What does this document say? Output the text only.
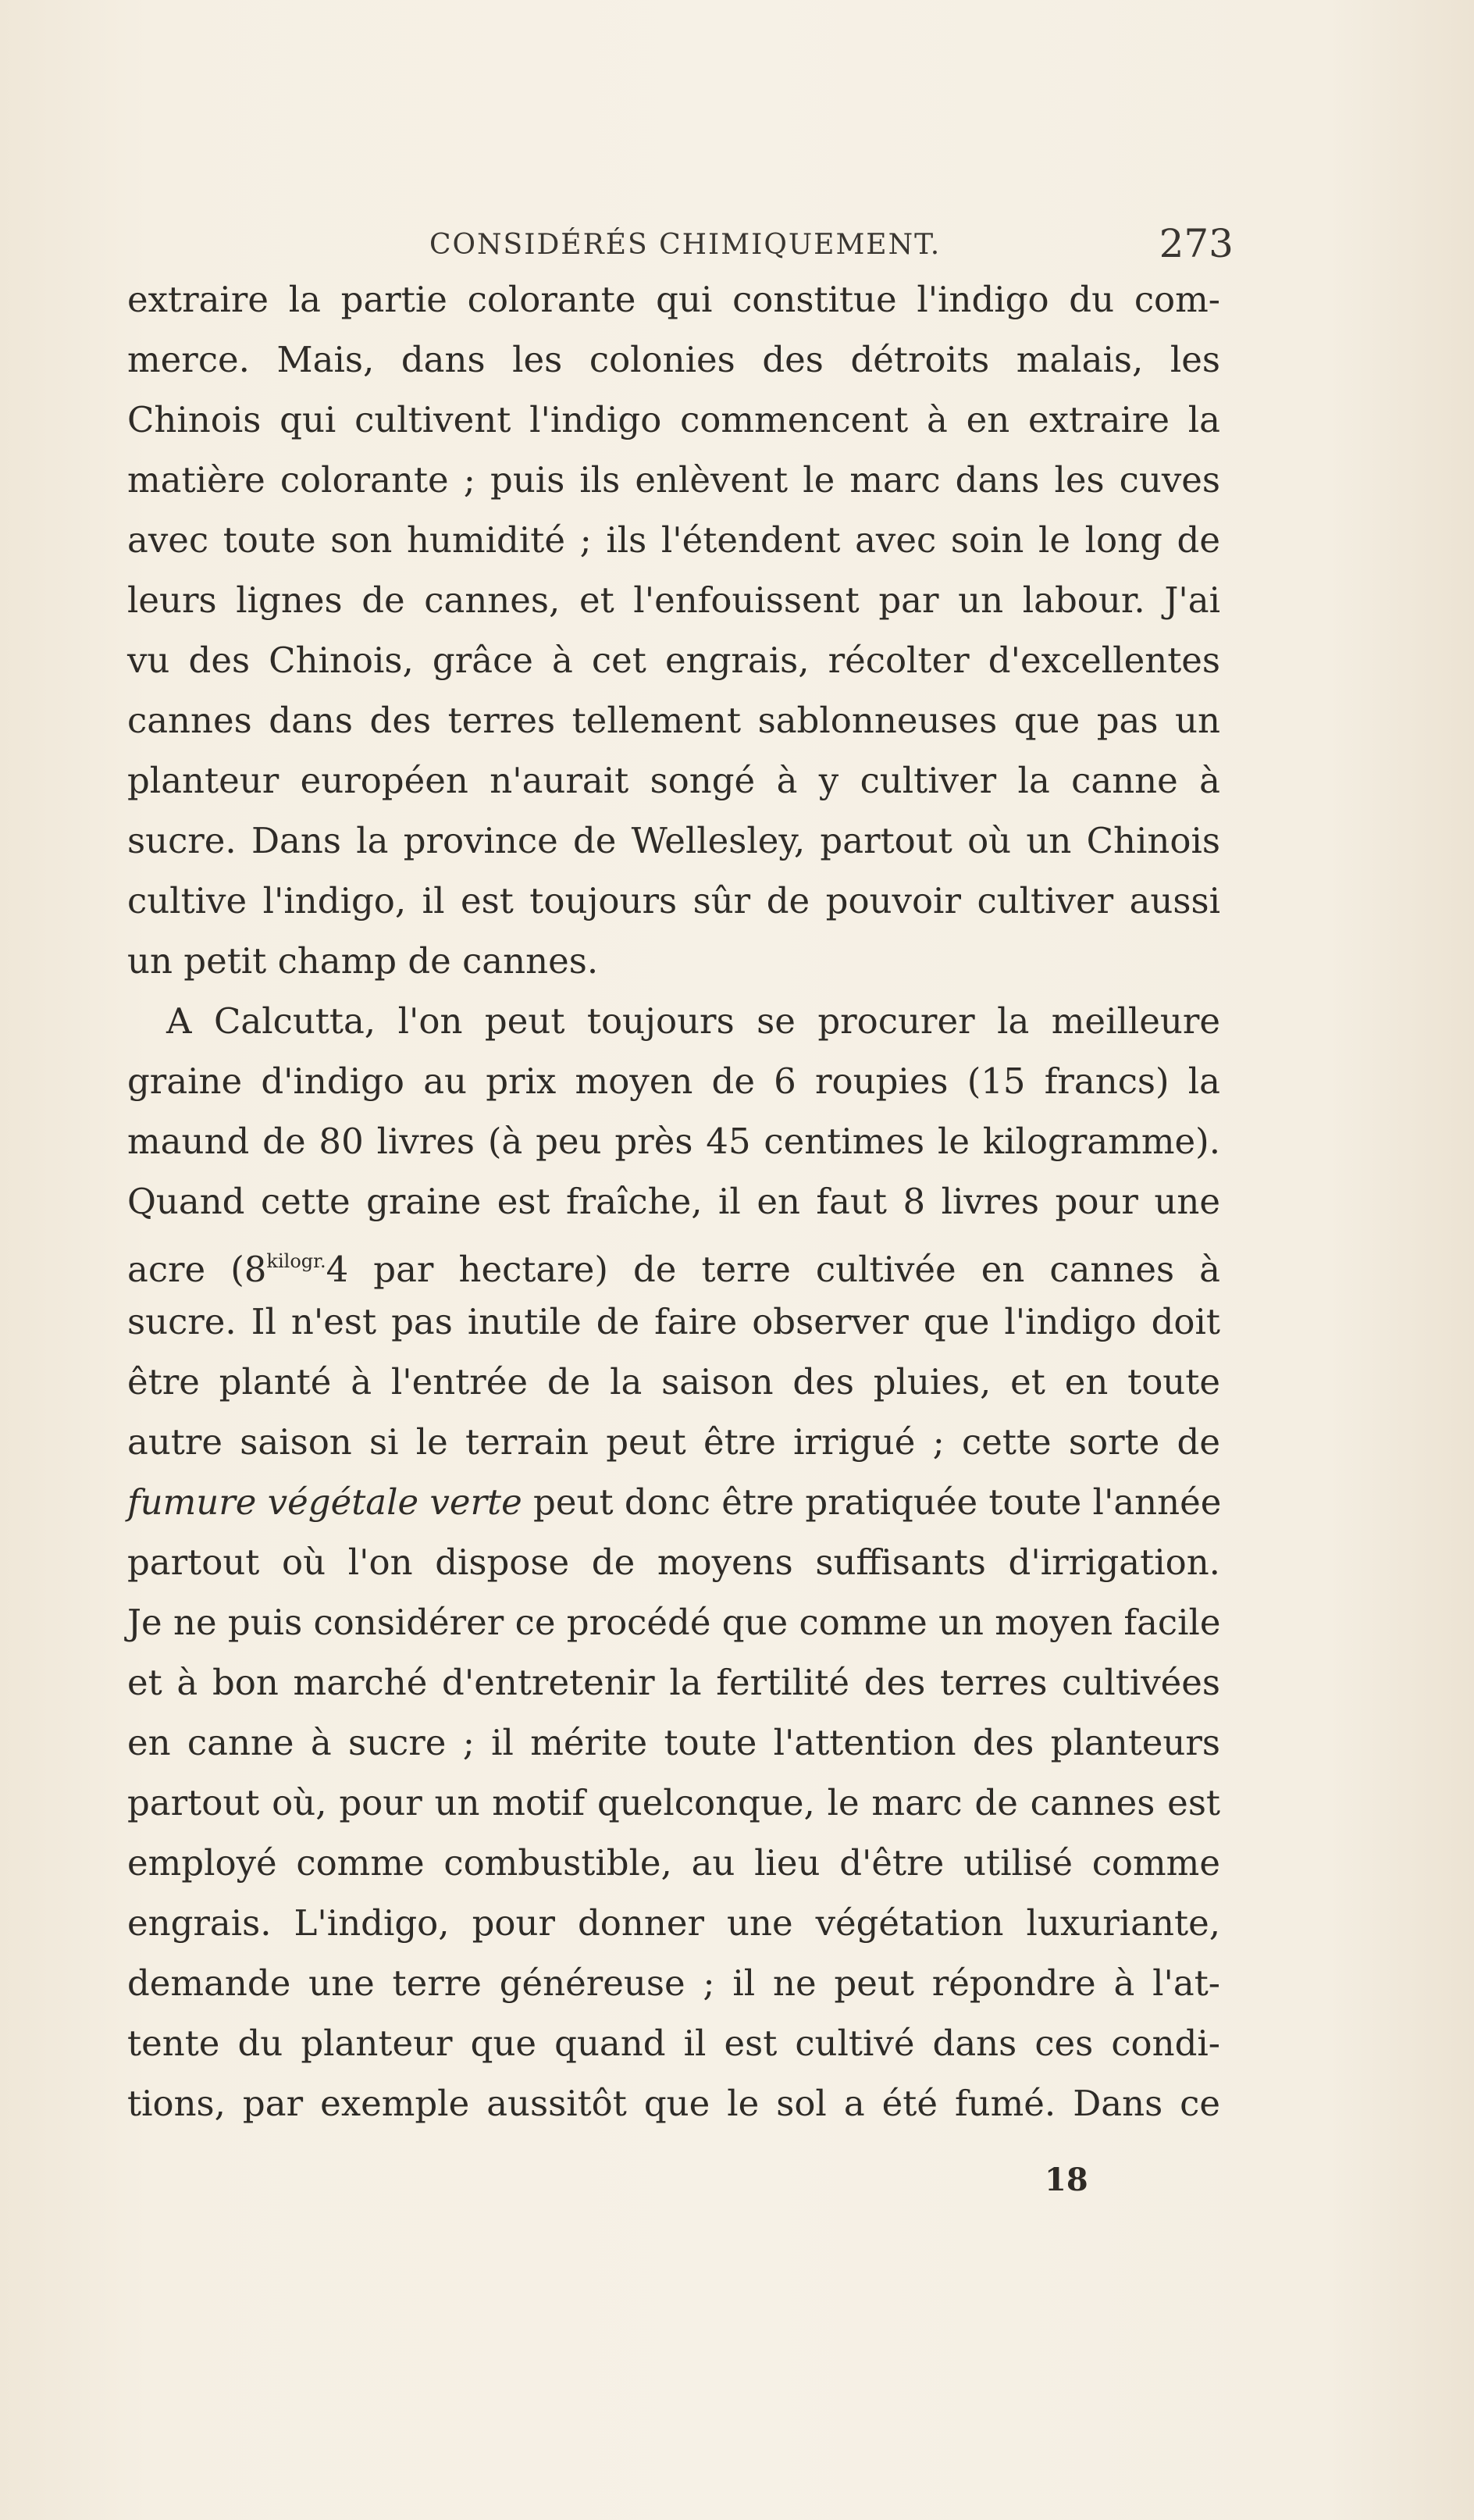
CONSIDÉRÉS CHIMIQUEMENT.	273
extraire la partie colorante qui constitue l'indigo du com-
merce. Mais, dans les colonies des détroits malais, les
Chinois qui cultivent l'indigo commencent à en extraire la
matière colorante ; puis ils enlèvent le marc dans les cuves
avec toute son humidité ; ils l'étendent avec soin le long de
leurs lignes de cannes, et l'enfouissent par un labour. J'ai
vu des Chinois, grâce à cet engrais, récolter d'excellentes
cannes dans des terres tellement sablonneuses que pas un
planteur européen n'aurait songé à y cultiver la canne à
sucre. Dans la province de Wellesley, partout où un Chinois
cultive l'indigo, il est toujours sûr de pouvoir cultiver aussi
un petit champ de cannes.
A Calcutta, l'on peut toujours se procurer la meilleure
graine d'indigo au prix moyen de 6 roupies (15 francs) la
maund de 80 livres (à peu près 45 centimes le kilogramme).
Quand cette graine est fraîche, il en faut 8 livres pour une
acre ($8^{kilogr.}4$ par hectare) de terre cultivée en cannes à
sucre. Il n'est pas inutile de faire observer que l'indigo doit
être planté à l'entrée de la saison des pluies, et en toute
autre saison si le terrain peut être irrigué ; cette sorte de
fumure végétale verte peut donc être pratiquée toute l'année
partout où l'on dispose de moyens suffisants d'irrigation.
Je ne puis considérer ce procédé que comme un moyen facile
et à bon marché d'entretenir la fertilité des terres cultivées
en canne à sucre ; il mérite toute l'attention des planteurs
partout où, pour un motif quelconque, le marc de cannes est
employé comme combustible, au lieu d'être utilisé comme
engrais. L'indigo, pour donner une végétation luxuriante,
demande une terre généreuse ; il ne peut répondre à l'at-
tente du planteur que quand il est cultivé dans ces condi-
tions, par exemple aussitôt que le sol a été fumé. Dans ce
18
